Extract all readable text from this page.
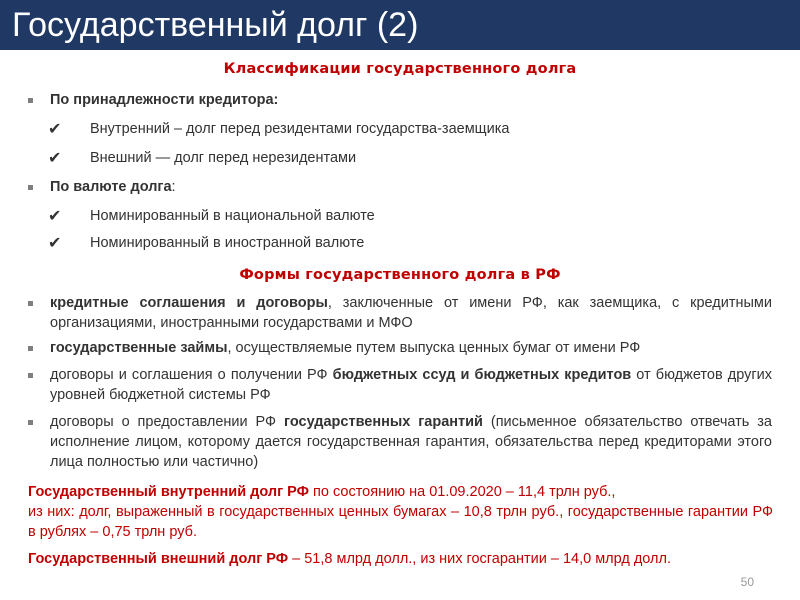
Государственный долг (2)
Классификации государственного долга
По принадлежности кредитора:
✔ Внутренний – долг перед резидентами государства-заемщика
✔ Внешний — долг перед нерезидентами
По валюте долга:
✔ Номинированный в национальной валюте
✔ Номинированный в иностранной валюте
Формы государственного долга в РФ
кредитные соглашения и договоры, заключенные от имени РФ, как заемщика, с кредитными организациями, иностранными государствами и МФО
государственные займы, осуществляемые путем выпуска ценных бумаг от имени РФ
договоры и соглашения о получении РФ бюджетных ссуд и бюджетных кредитов от бюджетов других уровней бюджетной системы РФ
договоры о предоставлении РФ государственных гарантий (письменное обязательство отвечать за исполнение лицом, которому дается государственная гарантия, обязательства перед кредиторами этого лица полностью или частично)
Государственный внутренний долг РФ по состоянию на 01.09.2020 – 11,4 трлн руб.,
из них: долг, выраженный в государственных ценных бумагах – 10,8 трлн руб., государственные гарантии РФ в рублях – 0,75 трлн руб.
Государственный внешний долг РФ – 51,8 млрд долл., из них госгарантии – 14,0 млрд долл.
50
